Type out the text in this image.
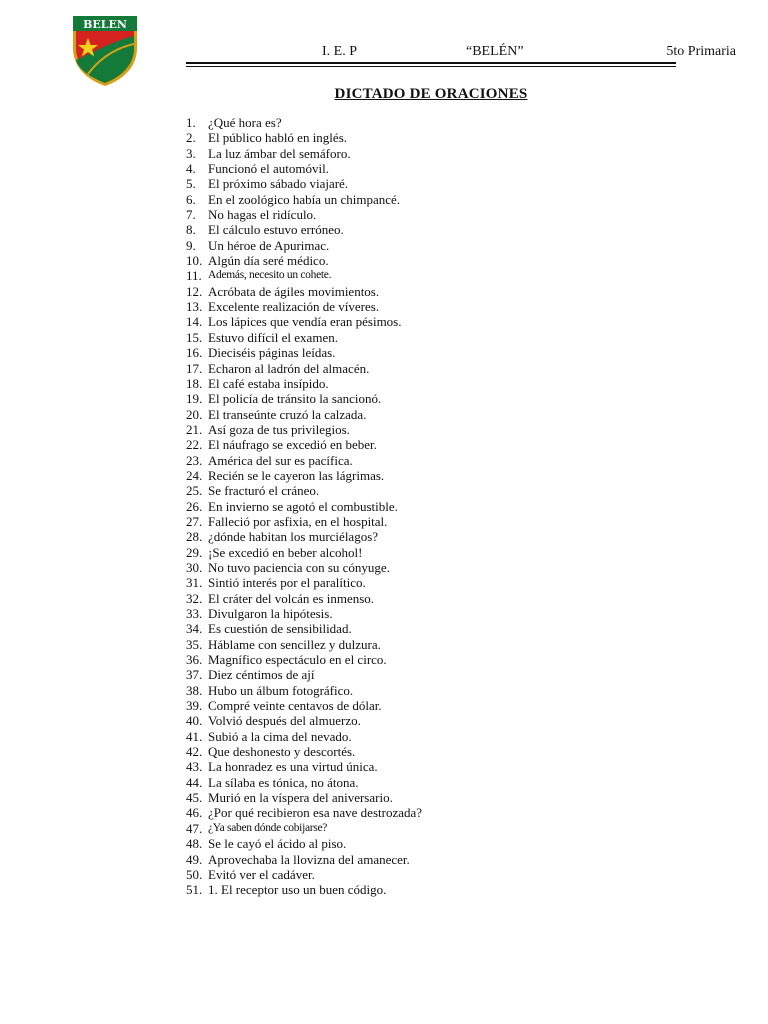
BELEN
I. E. P	“BELÉN”	5to Primaria
DICTADO DE ORACIONES
1. ¿Qué hora es?
2. El público habló en inglés.
3. La luz ámbar del semáforo.
4. Funcionó el automóvil.
5. El próximo sábado viajaré.
6. En el zoológico había un chimpancé.
7. No hagas el ridículo.
8. El cálculo estuvo erróneo.
9. Un héroe de Apurimac.
10. Algún día seré médico.
11. Además, necesito un cohete.
12. Acróbata de ágiles movimientos.
13. Excelente realización de víveres.
14. Los lápices que vendía eran pésimos.
15. Estuvo difícil el examen.
16. Dieciséis páginas leídas.
17. Echaron al ladrón del almacén.
18. El café estaba insípido.
19. El policía de tránsito la sancionó.
20. El transeúnte cruzó la calzada.
21. Así goza de tus privilegios.
22. El náufrago se excedió en beber.
23. América del sur es pacífica.
24. Recién se le cayeron las lágrimas.
25. Se fracturó el cráneo.
26. En invierno se agotó el combustible.
27. Falleció por asfixia, en el hospital.
28. ¿dónde habitan los murciélagos?
29. ¡Se excedió en beber alcohol!
30. No tuvo paciencia con su cónyuge.
31. Sintió interés por el paralítico.
32. El cráter del volcán es inmenso.
33. Divulgaron la hipótesis.
34. Es cuestión de sensibilidad.
35. Háblame con sencillez y dulzura.
36. Magnífico espectáculo en el circo.
37. Diez céntimos de ají
38. Hubo un álbum fotográfico.
39. Compré veinte centavos de dólar.
40. Volvió después del almuerzo.
41. Subió a la cima del nevado.
42. Que deshonesto y descortés.
43. La honradez es una virtud única.
44. La sílaba es tónica, no átona.
45. Murió en la víspera del aniversario.
46. ¿Por qué recibieron esa nave destrozada?
47. ¿Ya saben dónde cobijarse?
48. Se le cayó el ácido al piso.
49. Aprovechaba la llovizna del amanecer.
50. Evitó ver el cadáver.
51. 1. El receptor uso un buen código.
